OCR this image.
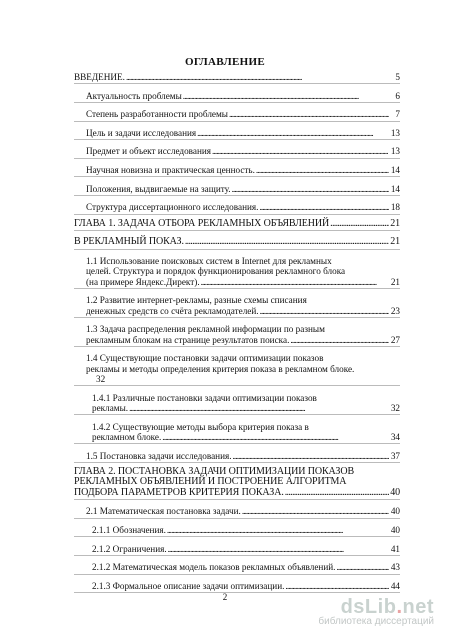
ОГЛАВЛЕНИЕ
ВВЕДЕНИЕ. . . .	5
Актуальность проблемы . . .	6
Степень разработанности проблемы . . .	7
Цель и задачи исследования . . .	13
Предмет и объект исследования . . .	13
Научная новизна и практическая ценность. . . .	14
Положения, выдвигаемые на защиту. . . .	14
Структура диссертационного исследования. . . .	18
ГЛАВА 1. ЗАДАЧА ОТБОРА РЕКЛАМНЫХ ОБЪЯВЛЕНИЙ . . .	21
В РЕКЛАМНЫЙ ПОКАЗ. . . .	21
1.1 Использование поисковых систем в Internet для рекламных
целей. Структура и порядок функционирования рекламного блока
(на примере Яндекс.Директ). . . .	21
1.2 Развитие интернет-рекламы, разные схемы списания
денежных средств со счёта рекламодателей. . . .	23
1.3 Задача распределения рекламной информации по разным
рекламным блокам на странице результатов поиска. . . .	27
1.4 Существующие постановки задачи оптимизации показов
рекламы и методы определения критерия показа в рекламном блоке.
32
1.4.1 Различные постановки задачи оптимизации показов
рекламы. . . .	32
1.4.2 Существующие методы выбора критерия показа в
рекламном блоке. . . .	34
1.5 Постановка задачи исследования. . . .	37
ГЛАВА 2. ПОСТАНОВКА ЗАДАЧИ ОПТИМИЗАЦИИ ПОКАЗОВ
РЕКЛАМНЫХ ОБЪЯВЛЕНИЙ И ПОСТРОЕНИЕ АЛГОРИТМА
ПОДБОРА ПАРАМЕТРОВ КРИТЕРИЯ ПОКАЗА. . . .	40
2.1 Математическая постановка задачи. . . .	40
2.1.1 Обозначения. . . .	40
2.1.2 Ограничения. . . .	41
2.1.2 Математическая модель показов рекламных объявлений. . . .	43
2.1.3 Формальное описание задачи оптимизации. . . .	44
2	dsLib.net
библиотека диссертаций
